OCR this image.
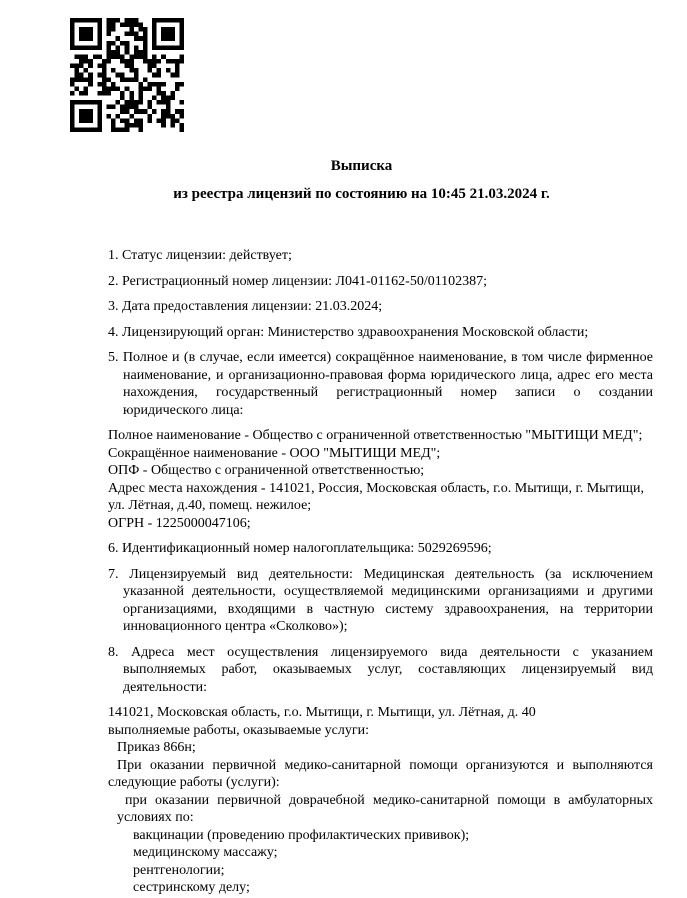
Выписка
из реестра лицензий по состоянию на 10:45 21.03.2024 г.

1. Статус лицензии: действует;

2. Регистрационный номер лицензии: Л041-01162-50/01102387;

3. Дата предоставления лицензии: 21.03.2024;

4. Лицензирующий орган: Министерство здравоохранения Московской области;

5. Полное и (в случае, если имеется) сокращённое наименование, в том числе фирменное наименование, и организационно-правовая форма юридического лица, адрес его места нахождения, государственный регистрационный номер записи о создании юридического лица:

Полное наименование - Общество с ограниченной ответственностью "МЫТИЩИ МЕД";

Сокращённое наименование - ООО "МЫТИЩИ МЕД";

ОПФ - Общество с ограниченной ответственностью;

Адрес места нахождения - 141021, Россия, Московская область, г.о. Мытищи, г. Мытищи, ул. Лётная, д.40, помещ. нежилое;

ОГРН - 1225000047106;

6. Идентификационный номер налогоплательщика: 5029269596;

7. Лицензируемый вид деятельности: Медицинская деятельность (за исключением указанной деятельности, осуществляемой медицинскими организациями и другими организациями, входящими в частную систему здравоохранения, на территории инновационного центра «Сколково»);

8. Адреса мест осуществления лицензируемого вида деятельности с указанием выполняемых работ, оказываемых услуг, составляющих лицензируемый вид деятельности:

141021, Московская область, г.о. Мытищи, г. Мытищи, ул. Лётная, д. 40

выполняемые работы, оказываемые услуги:

Приказ 866н;

При оказании первичной медико-санитарной помощи организуются и выполняются следующие работы (услуги):

при оказании первичной доврачебной медико-санитарной помощи в амбулаторных условиях по:

вакцинации (проведению профилактических прививок);

медицинскому массажу;

рентгенологии;

сестринскому делу;
